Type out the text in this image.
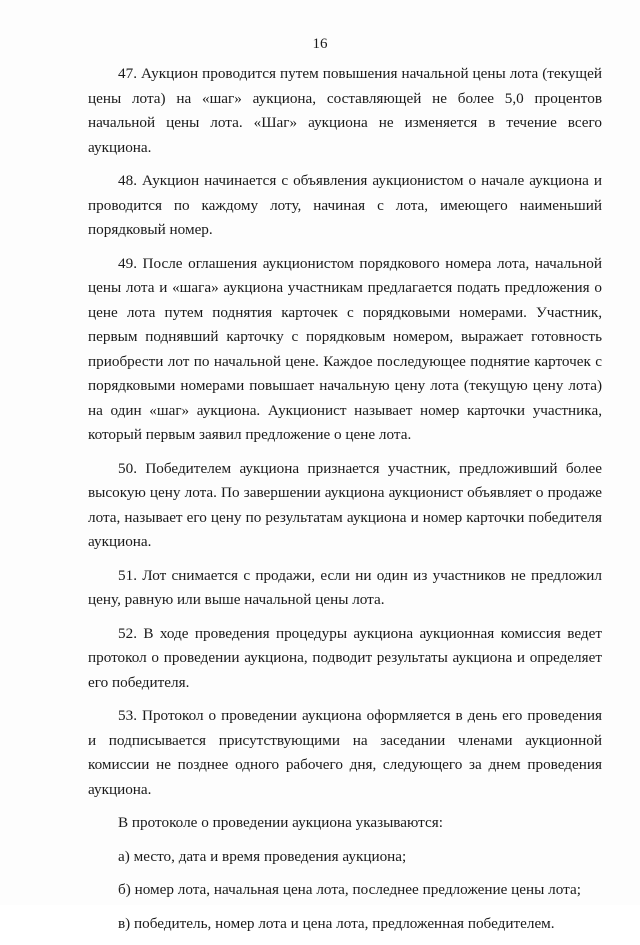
16

47. Аукцион проводится путем повышения начальной цены лота (текущей цены лота) на «шаг» аукциона, составляющей не более 5,0 процентов начальной цены лота. «Шаг» аукциона не изменяется в течение всего аукциона.

48. Аукцион начинается с объявления аукционистом о начале аукциона и проводится по каждому лоту, начиная с лота, имеющего наименьший порядковый номер.

49. После оглашения аукционистом порядкового номера лота, начальной цены лота и «шага» аукциона участникам предлагается подать предложения о цене лота путем поднятия карточек с порядковыми номерами. Участник, первым поднявший карточку с порядковым номером, выражает готовность приобрести лот по начальной цене. Каждое последующее поднятие карточек с порядковыми номерами повышает начальную цену лота (текущую цену лота) на один «шаг» аукциона. Аукционист называет номер карточки участника, который первым заявил предложение о цене лота.

50. Победителем аукциона признается участник, предложивший более высокую цену лота. По завершении аукциона аукционист объявляет о продаже лота, называет его цену по результатам аукциона и номер карточки победителя аукциона.

51. Лот снимается с продажи, если ни один из участников не предложил цену, равную или выше начальной цены лота.

52. В ходе проведения процедуры аукциона аукционная комиссия ведет протокол о проведении аукциона, подводит результаты аукциона и определяет его победителя.

53. Протокол о проведении аукциона оформляется в день его проведения и подписывается присутствующими на заседании членами аукционной комиссии не позднее одного рабочего дня, следующего за днем проведения аукциона.

В протоколе о проведении аукциона указываются:

а) место, дата и время проведения аукциона;

б) номер лота, начальная цена лота, последнее предложение цены лота;

в) победитель, номер лота и цена лота, предложенная победителем.
